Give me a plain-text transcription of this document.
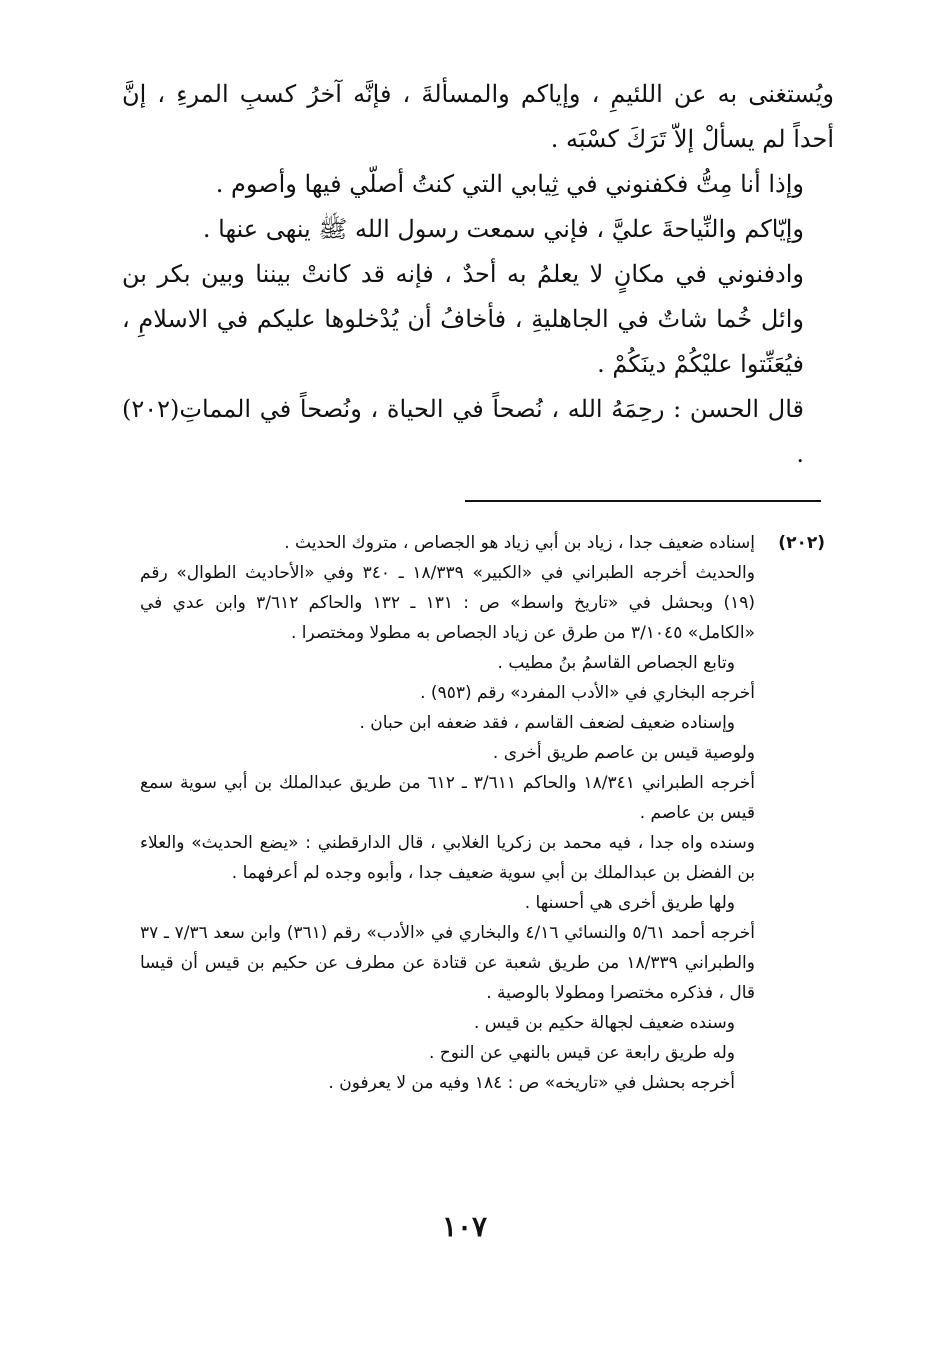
ويُستغنى به عن اللئيمِ ، وإياكم والمسألةَ ، فإنَّه آخرُ كسبِ المرءِ ، إنَّ أحداً لم يسألْ إلاّ تَرَكَ كسْبَه .

وإذا أنا مِتُّ فكفنوني في ثِيابي التي كنتُ أصلّي فيها وأصوم .

وإيّاكم والنِّياحةَ عليَّ ، فإني سمعت رسول الله ﷺ ينهى عنها .

وادفنوني في مكانٍ لا يعلمُ به أحدٌ ، فإنه قد كانتْ بيننا وبين بكر بن وائل خُما شاتٌ في الجاهليةِ ، فأخافُ أن يُدْخلوها عليكم في الاسلامِ ، فيُعَنِّتوا عليْكُمْ دينَكُمْ .

قال الحسن : رحِمَهُ الله ، نُصحاً في الحياة ، ونُصحاً في المماتِ(٢٠٢) .

(٢٠٢)

إسناده ضعيف جدا ، زياد بن أبي زياد هو الجصاص ، متروك الحديث .

والحديث أخرجه الطبراني في «الكبير» ١٨/٣٣٩ ـ ٣٤٠ وفي «الأحاديث الطوال» رقم (١٩) وبحشل في «تاريخ واسط» ص : ١٣١ ـ ١٣٢ والحاكم ٣/٦١٢ وابن عدي في «الكامل» ٣/١٠٤٥ من طرق عن زياد الجصاص به مطولا ومختصرا .

وتابع الجصاص القاسمُ بنُ مطيب .

أخرجه البخاري في «الأدب المفرد» رقم (٩٥٣) .

وإسناده ضعيف لضعف القاسم ، فقد ضعفه ابن حبان .

ولوصية قيس بن عاصم طريق أخرى .

أخرجه الطبراني ١٨/٣٤١ والحاكم ٣/٦١١ ـ ٦١٢ من طريق عبدالملك بن أبي سوية سمع قيس بن عاصم .

وسنده واه جدا ، فيه محمد بن زكريا الغلابي ، قال الدارقطني : «يضع الحديث» والعلاء بن الفضل بن عبدالملك بن أبي سوية ضعيف جدا ، وأبوه وجده لم أعرفهما .

ولها طريق أخرى هي أحسنها .

أخرجه أحمد ٥/٦١ والنسائي ٤/١٦ والبخاري في «الأدب» رقم (٣٦١) وابن سعد ٧/٣٦ ـ ٣٧ والطبراني ١٨/٣٣٩ من طريق شعبة عن قتادة عن مطرف عن حكيم بن قيس أن قيسا قال ، فذكره مختصرا ومطولا بالوصية .

وسنده ضعيف لجهالة حكيم بن قيس .

وله طريق رابعة عن قيس بالنهي عن النوح .

أخرجه بحشل في «تاريخه» ص : ١٨٤ وفيه من لا يعرفون .

١٠٧
